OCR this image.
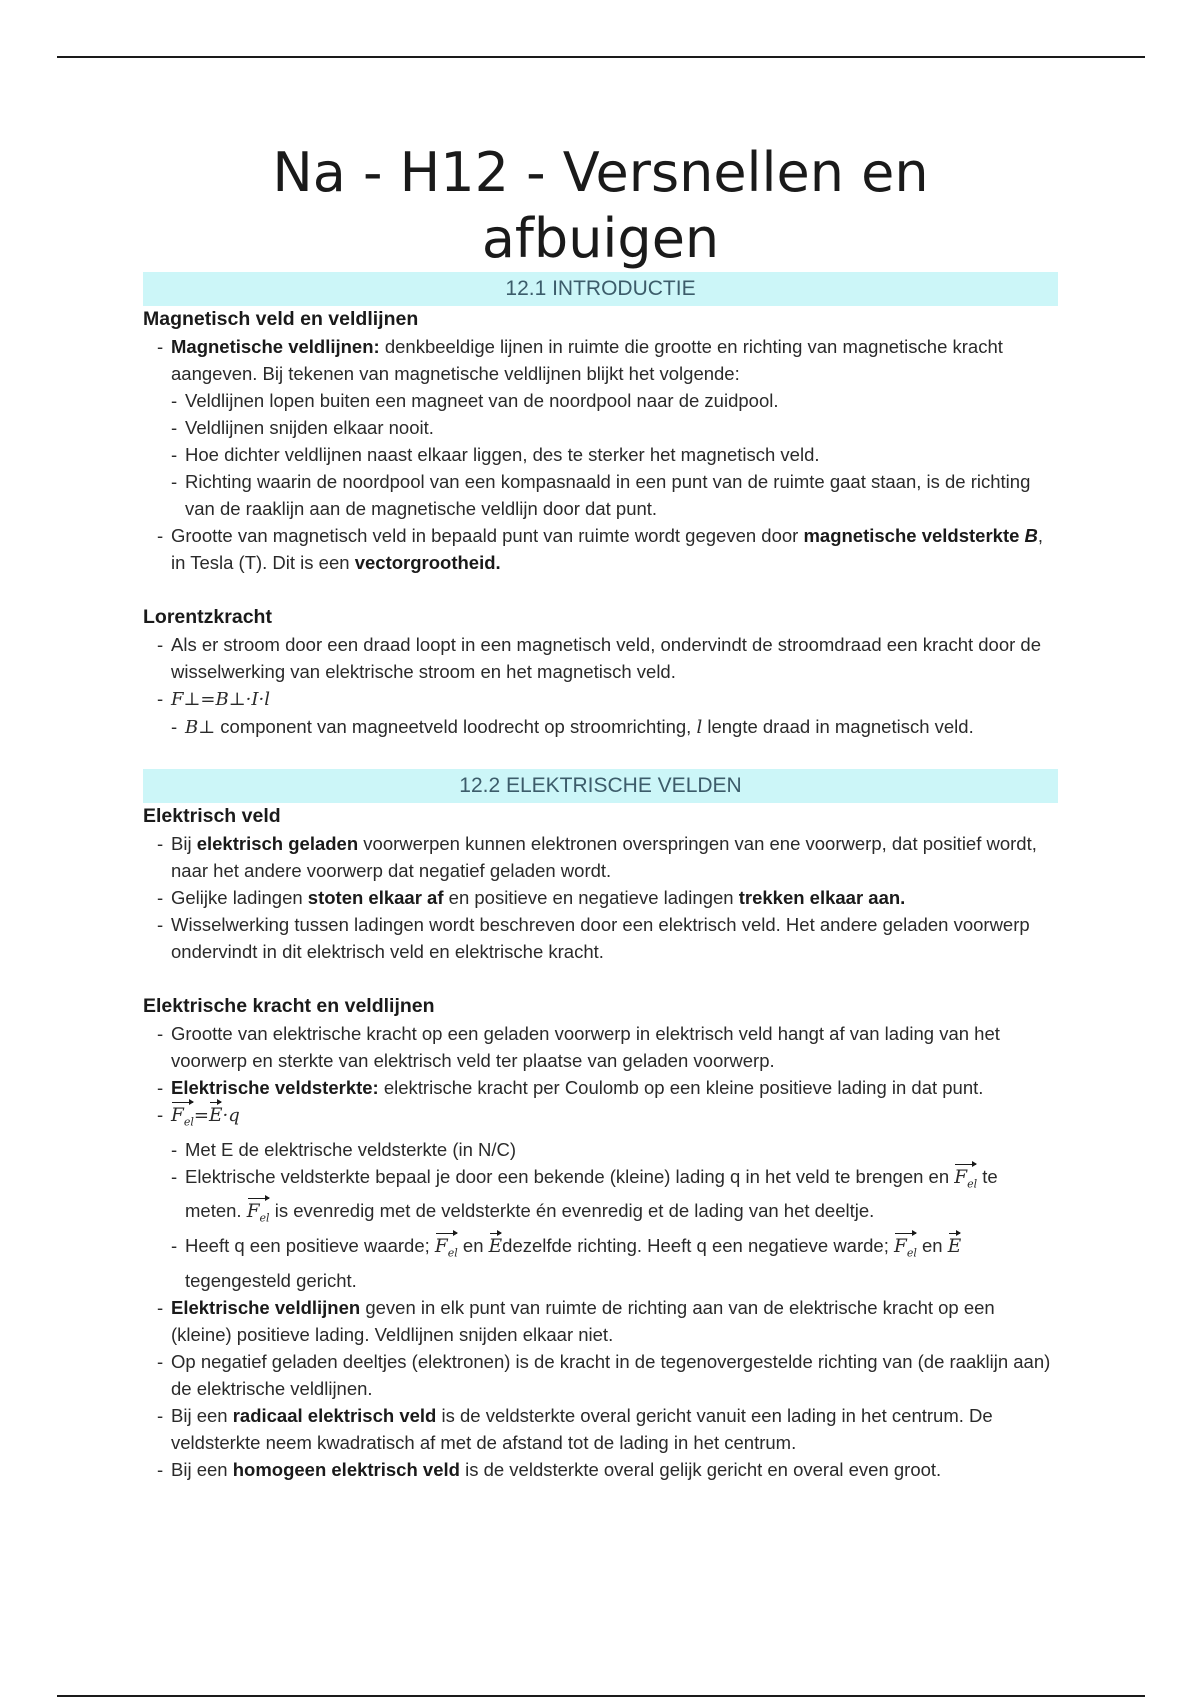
Na - H12 - Versnellen en
afbuigen
12.1 INTRODUCTIE

Magnetisch veld en veldlijnen

- Magnetische veldlijnen: denkbeeldige lijnen in ruimte die grootte en richting van magnetische kracht aangeven. Bij tekenen van magnetische veldlijnen blijkt het volgende:

- Veldlijnen lopen buiten een magneet van de noordpool naar de zuidpool.

- Veldlijnen snijden elkaar nooit.

- Hoe dichter veldlijnen naast elkaar liggen, des te sterker het magnetisch veld.

- Richting waarin de noordpool van een kompasnaald in een punt van de ruimte gaat staan, is de richting van de raaklijn aan de magnetische veldlijn door dat punt.

- Grootte van magnetisch veld in bepaald punt van ruimte wordt gegeven door magnetische veldsterkte B, in Tesla (T). Dit is een vectorgrootheid.

Lorentzkracht

- Als er stroom door een draad loopt in een magnetisch veld, ondervindt de stroomdraad een kracht door de wisselwerking van elektrische stroom en het magnetisch veld.

- F⊥=B⊥·I·l

- B⊥ component van magneetveld loodrecht op stroomrichting, l lengte draad in magnetisch veld.

12.2 ELEKTRISCHE VELDEN

Elektrisch veld

- Bij elektrisch geladen voorwerpen kunnen elektronen overspringen van ene voorwerp, dat positief wordt, naar het andere voorwerp dat negatief geladen wordt.

- Gelijke ladingen stoten elkaar af en positieve en negatieve ladingen trekken elkaar aan.

- Wisselwerking tussen ladingen wordt beschreven door een elektrisch veld. Het andere geladen voorwerp ondervindt in dit elektrisch veld en elektrische kracht.

Elektrische kracht en veldlijnen

- Grootte van elektrische kracht op een geladen voorwerp in elektrisch veld hangt af van lading van het voorwerp en sterkte van elektrisch veld ter plaatse van geladen voorwerp.

- Elektrische veldsterkte: elektrische kracht per Coulomb op een kleine positieve lading in dat punt.

- $F_{el}=E\cdot q$

- Met E de elektrische veldsterkte (in N/C)

- Elektrische veldsterkte bepaal je door een bekende (kleine) lading q in het veld te brengen en $F_{el}$ te meten. $F_{el}$ is evenredig met de veldsterkte én evenredig et de lading van het deeltje.

- Heeft q een positieve waarde; $F_{el}$ en Edezelfde richting. Heeft q een negatieve warde; $F_{el}$ en E tegengesteld gericht.

- Elektrische veldlijnen geven in elk punt van ruimte de richting aan van de elektrische kracht op een (kleine) positieve lading. Veldlijnen snijden elkaar niet.

- Op negatief geladen deeltjes (elektronen) is de kracht in de tegenovergestelde richting van (de raaklijn aan) de elektrische veldlijnen.

- Bij een radicaal elektrisch veld is de veldsterkte overal gericht vanuit een lading in het centrum. De veldsterkte neem kwadratisch af met de afstand tot de lading in het centrum.

- Bij een homogeen elektrisch veld is de veldsterkte overal gelijk gericht en overal even groot.
